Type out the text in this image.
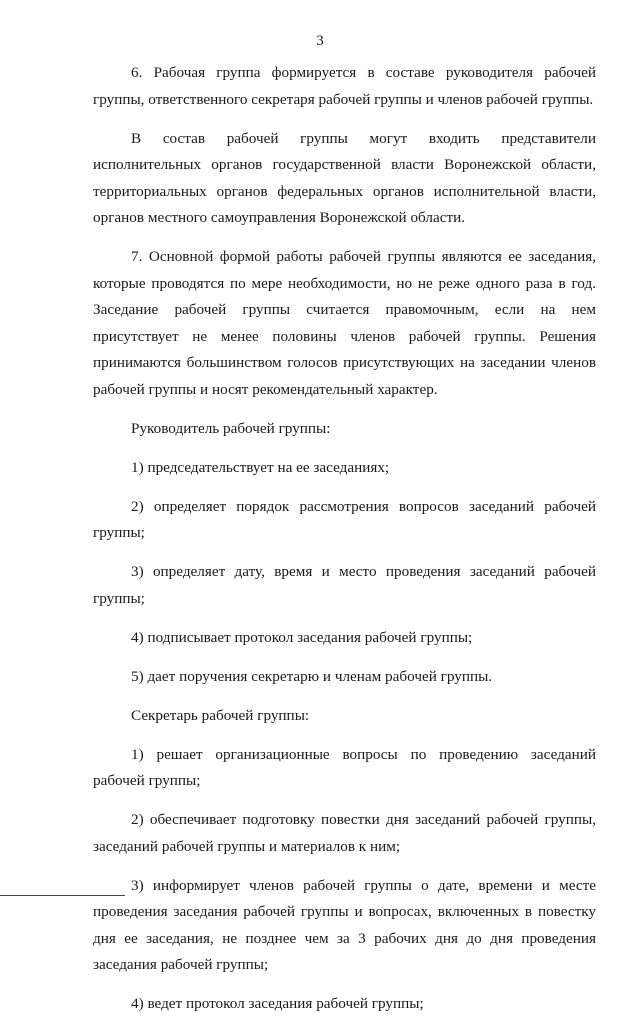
3

6. Рабочая группа формируется в составе руководителя рабочей группы, ответственного секретаря рабочей группы и членов рабочей группы.

В состав рабочей группы могут входить представители исполнительных органов государственной власти Воронежской области, территориальных органов федеральных органов исполнительной власти, органов местного самоуправления Воронежской области.

7. Основной формой работы рабочей группы являются ее заседания, которые проводятся по мере необходимости, но не реже одного раза в год. Заседание рабочей группы считается правомочным, если на нем присутствует не менее половины членов рабочей группы. Решения принимаются большинством голосов присутствующих на заседании членов рабочей группы и носят рекомендательный характер.

Руководитель рабочей группы:

1) председательствует на ее заседаниях;

2) определяет порядок рассмотрения вопросов заседаний рабочей группы;

3) определяет дату, время и место проведения заседаний рабочей группы;

4) подписывает протокол заседания рабочей группы;

5) дает поручения секретарю и членам рабочей группы.

Секретарь рабочей группы:

1) решает организационные вопросы по проведению заседаний рабочей группы;

2) обеспечивает подготовку повестки дня заседаний рабочей группы, заседаний рабочей группы и материалов к ним;

3) информирует членов рабочей группы о дате, времени и месте проведения заседания рабочей группы и вопросах, включенных в повестку дня ее заседания, не позднее чем за 3 рабочих дня до дня проведения заседания рабочей группы;

4) ведет протокол заседания рабочей группы;
